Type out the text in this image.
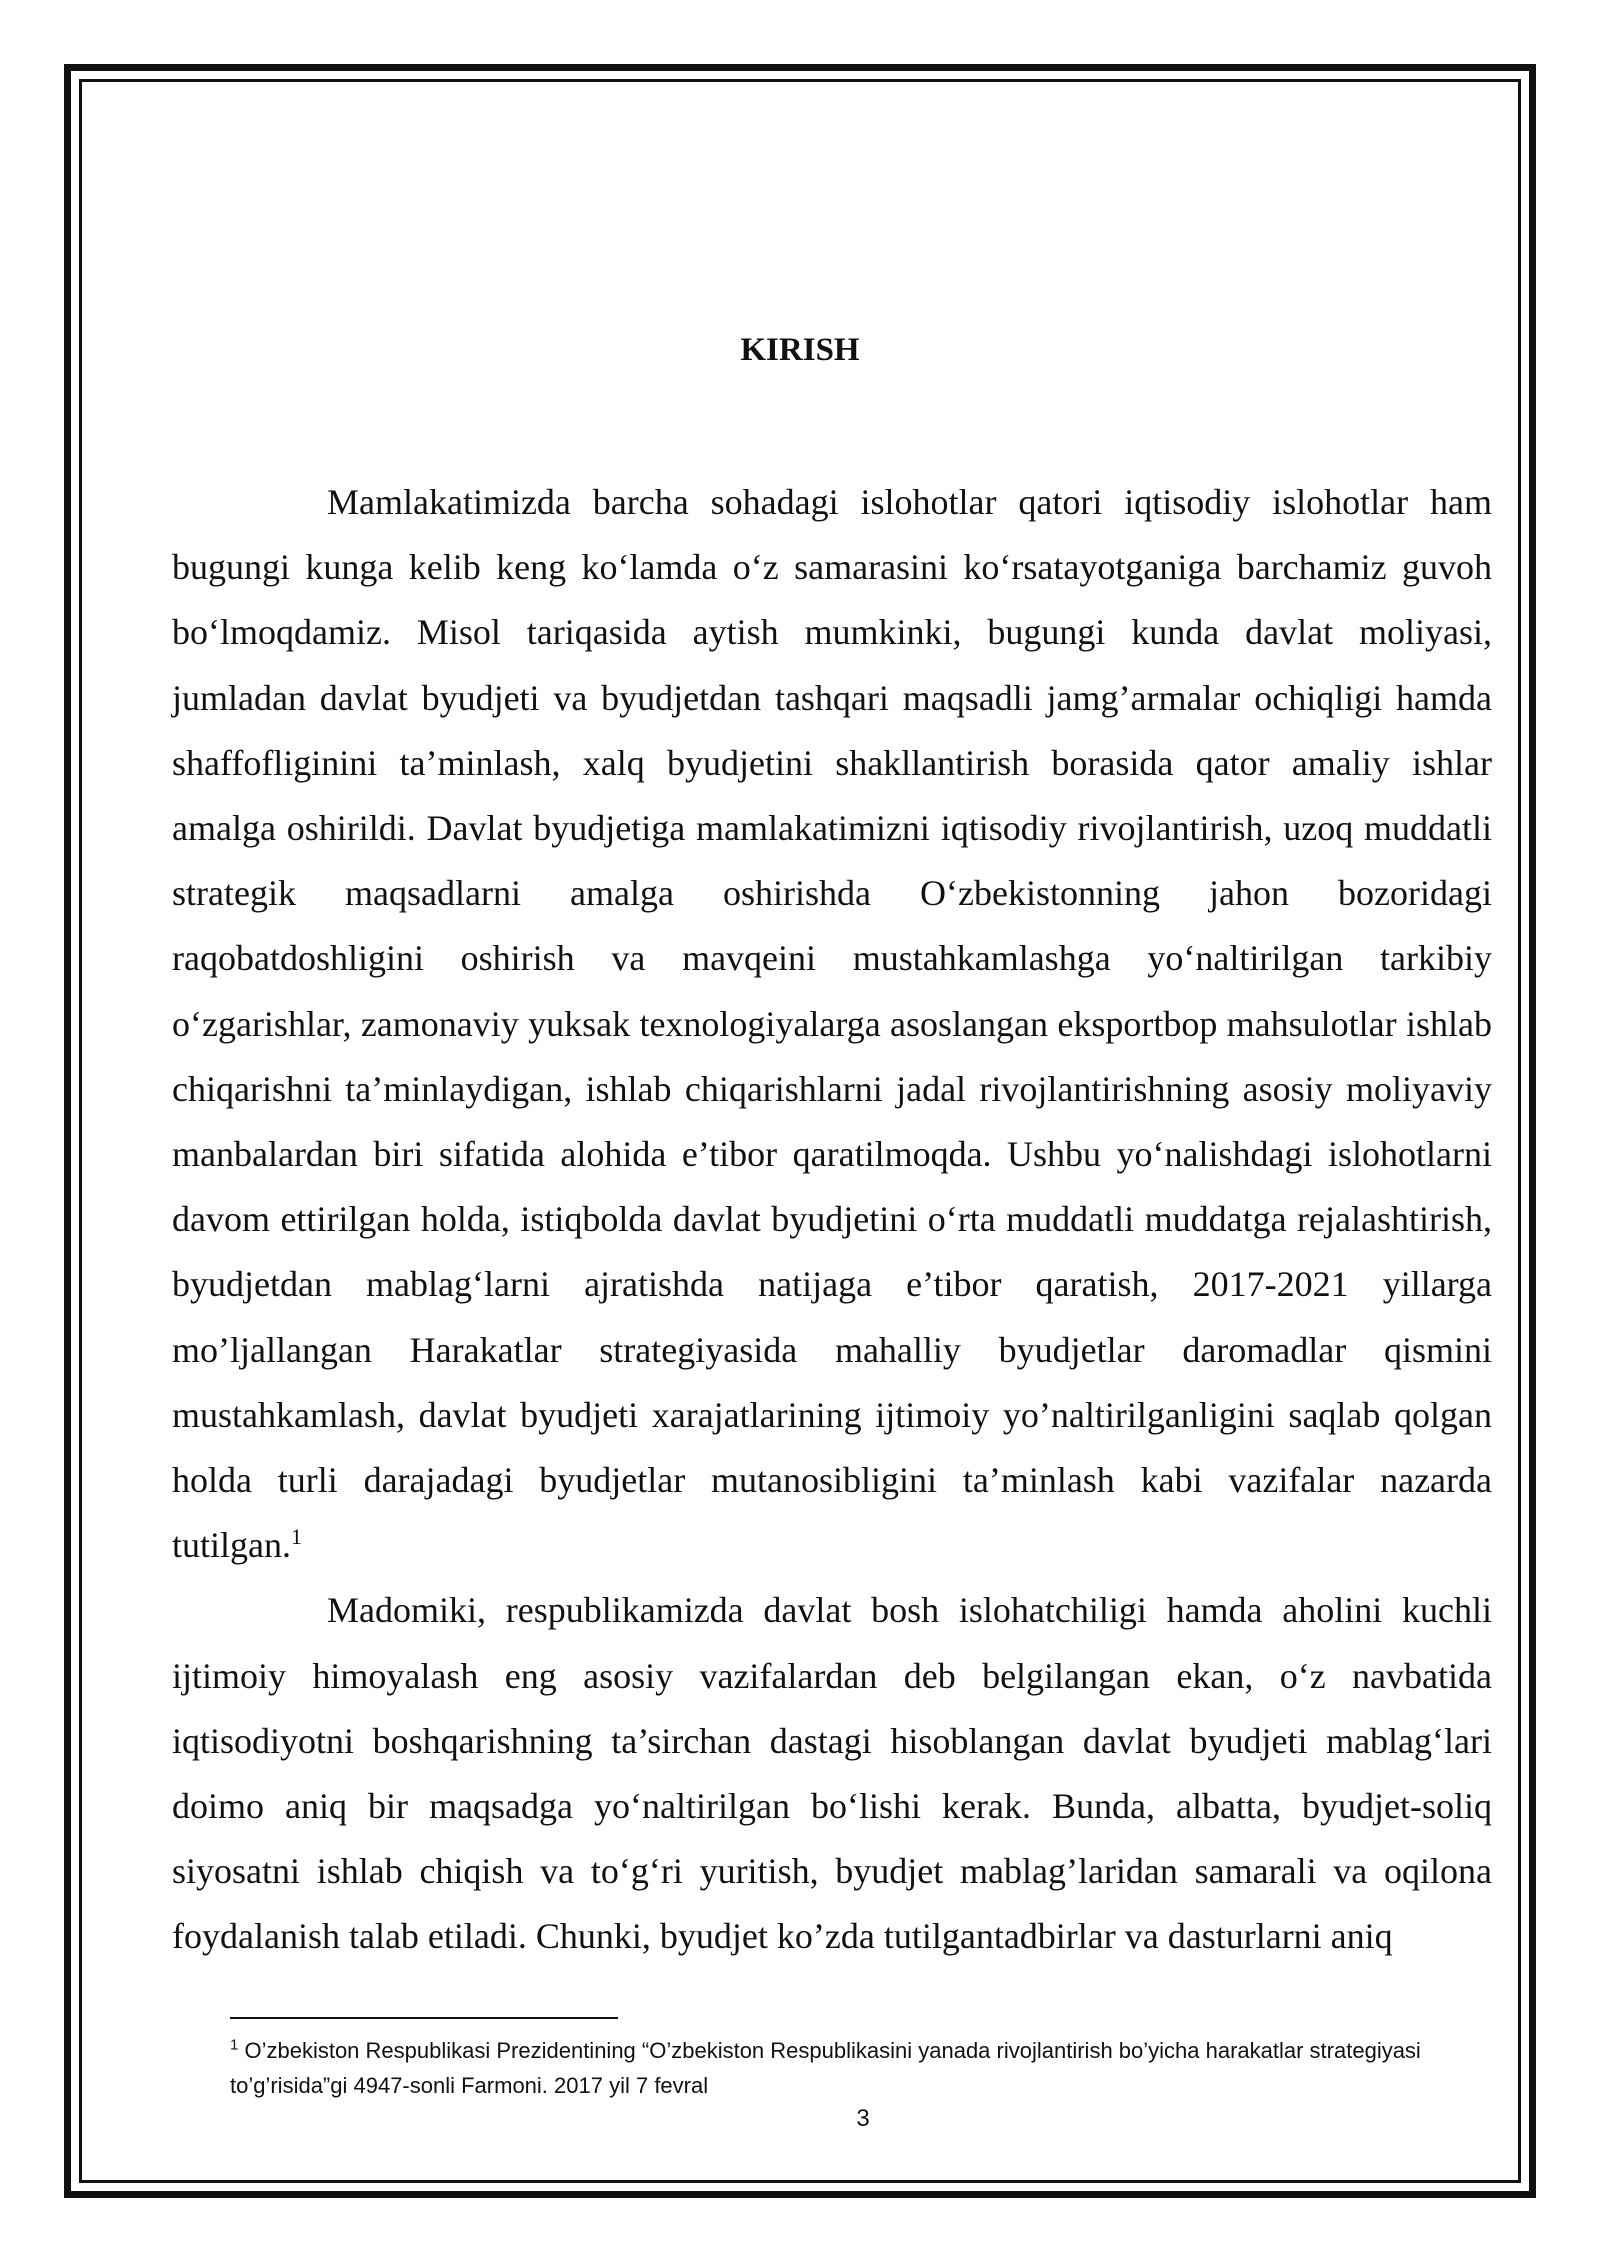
KIRISH

Mamlakatimizda barcha sohadagi islohotlar qatori iqtisodiy islohotlar ham bugungi kunga kelib keng koʻlamda oʻz samarasini koʻrsatayotganiga barchamiz guvoh boʻlmoqdamiz. Misol tariqasida aytish mumkinki, bugungi kunda davlat moliyasi, jumladan davlat byudjeti va byudjetdan tashqari maqsadli jamg’armalar ochiqligi hamda shaffofliginini ta’minlash, xalq byudjetini shakllantirish borasida qator amaliy ishlar amalga oshirildi. Davlat byudjetiga mamlakatimizni iqtisodiy rivojlantirish, uzoq muddatli strategik maqsadlarni amalga oshirishda Oʻzbekistonning jahon bozoridagi raqobatdoshligini oshirish va mavqeini mustahkamlashga yoʻnaltirilgan tarkibiy oʻzgarishlar, zamonaviy yuksak texnologiyalarga asoslangan eksportbop mahsulotlar ishlab chiqarishni ta’minlaydigan, ishlab chiqarishlarni jadal rivojlantirishning asosiy moliyaviy manbalardan biri sifatida alohida e’tibor qaratilmoqda. Ushbu yoʻnalishdagi islohotlarni davom ettirilgan holda, istiqbolda davlat byudjetini oʻrta muddatli muddatga rejalashtirish, byudjetdan mablagʻlarni ajratishda natijaga e’tibor qaratish, 2017-2021 yillarga mo’ljallangan Harakatlar strategiyasida mahalliy byudjetlar daromadlar qismini mustahkamlash, davlat byudjeti xarajatlarining ijtimoiy yo’naltirilganligini saqlab qolgan holda turli darajadagi byudjetlar mutanosibligini ta’minlash kabi vazifalar nazarda tutilgan.$^1$

Madomiki, respublikamizda davlat bosh islohatchiligi hamda aholini kuchli ijtimoiy himoyalash eng asosiy vazifalardan deb belgilangan ekan, oʻz navbatida iqtisodiyotni boshqarishning ta’sirchan dastagi hisoblangan davlat byudjeti mablagʻlari doimo aniq bir maqsadga yoʻnaltirilgan boʻlishi kerak. Bunda, albatta, byudjet-soliq siyosatni ishlab chiqish va toʻgʻri yuritish, byudjet mablag’laridan samarali va oqilona foydalanish talab etiladi. Chunki, byudjet ko’zda tutilgantadbirlar va dasturlarni aniq

$^1$ O’zbekiston Respublikasi Prezidentining “O’zbekiston Respublikasini yanada rivojlantirish bo’yicha harakatlar strategiyasi to’g’risida”gi 4947-sonli Farmoni. 2017 yil 7 fevral

3
